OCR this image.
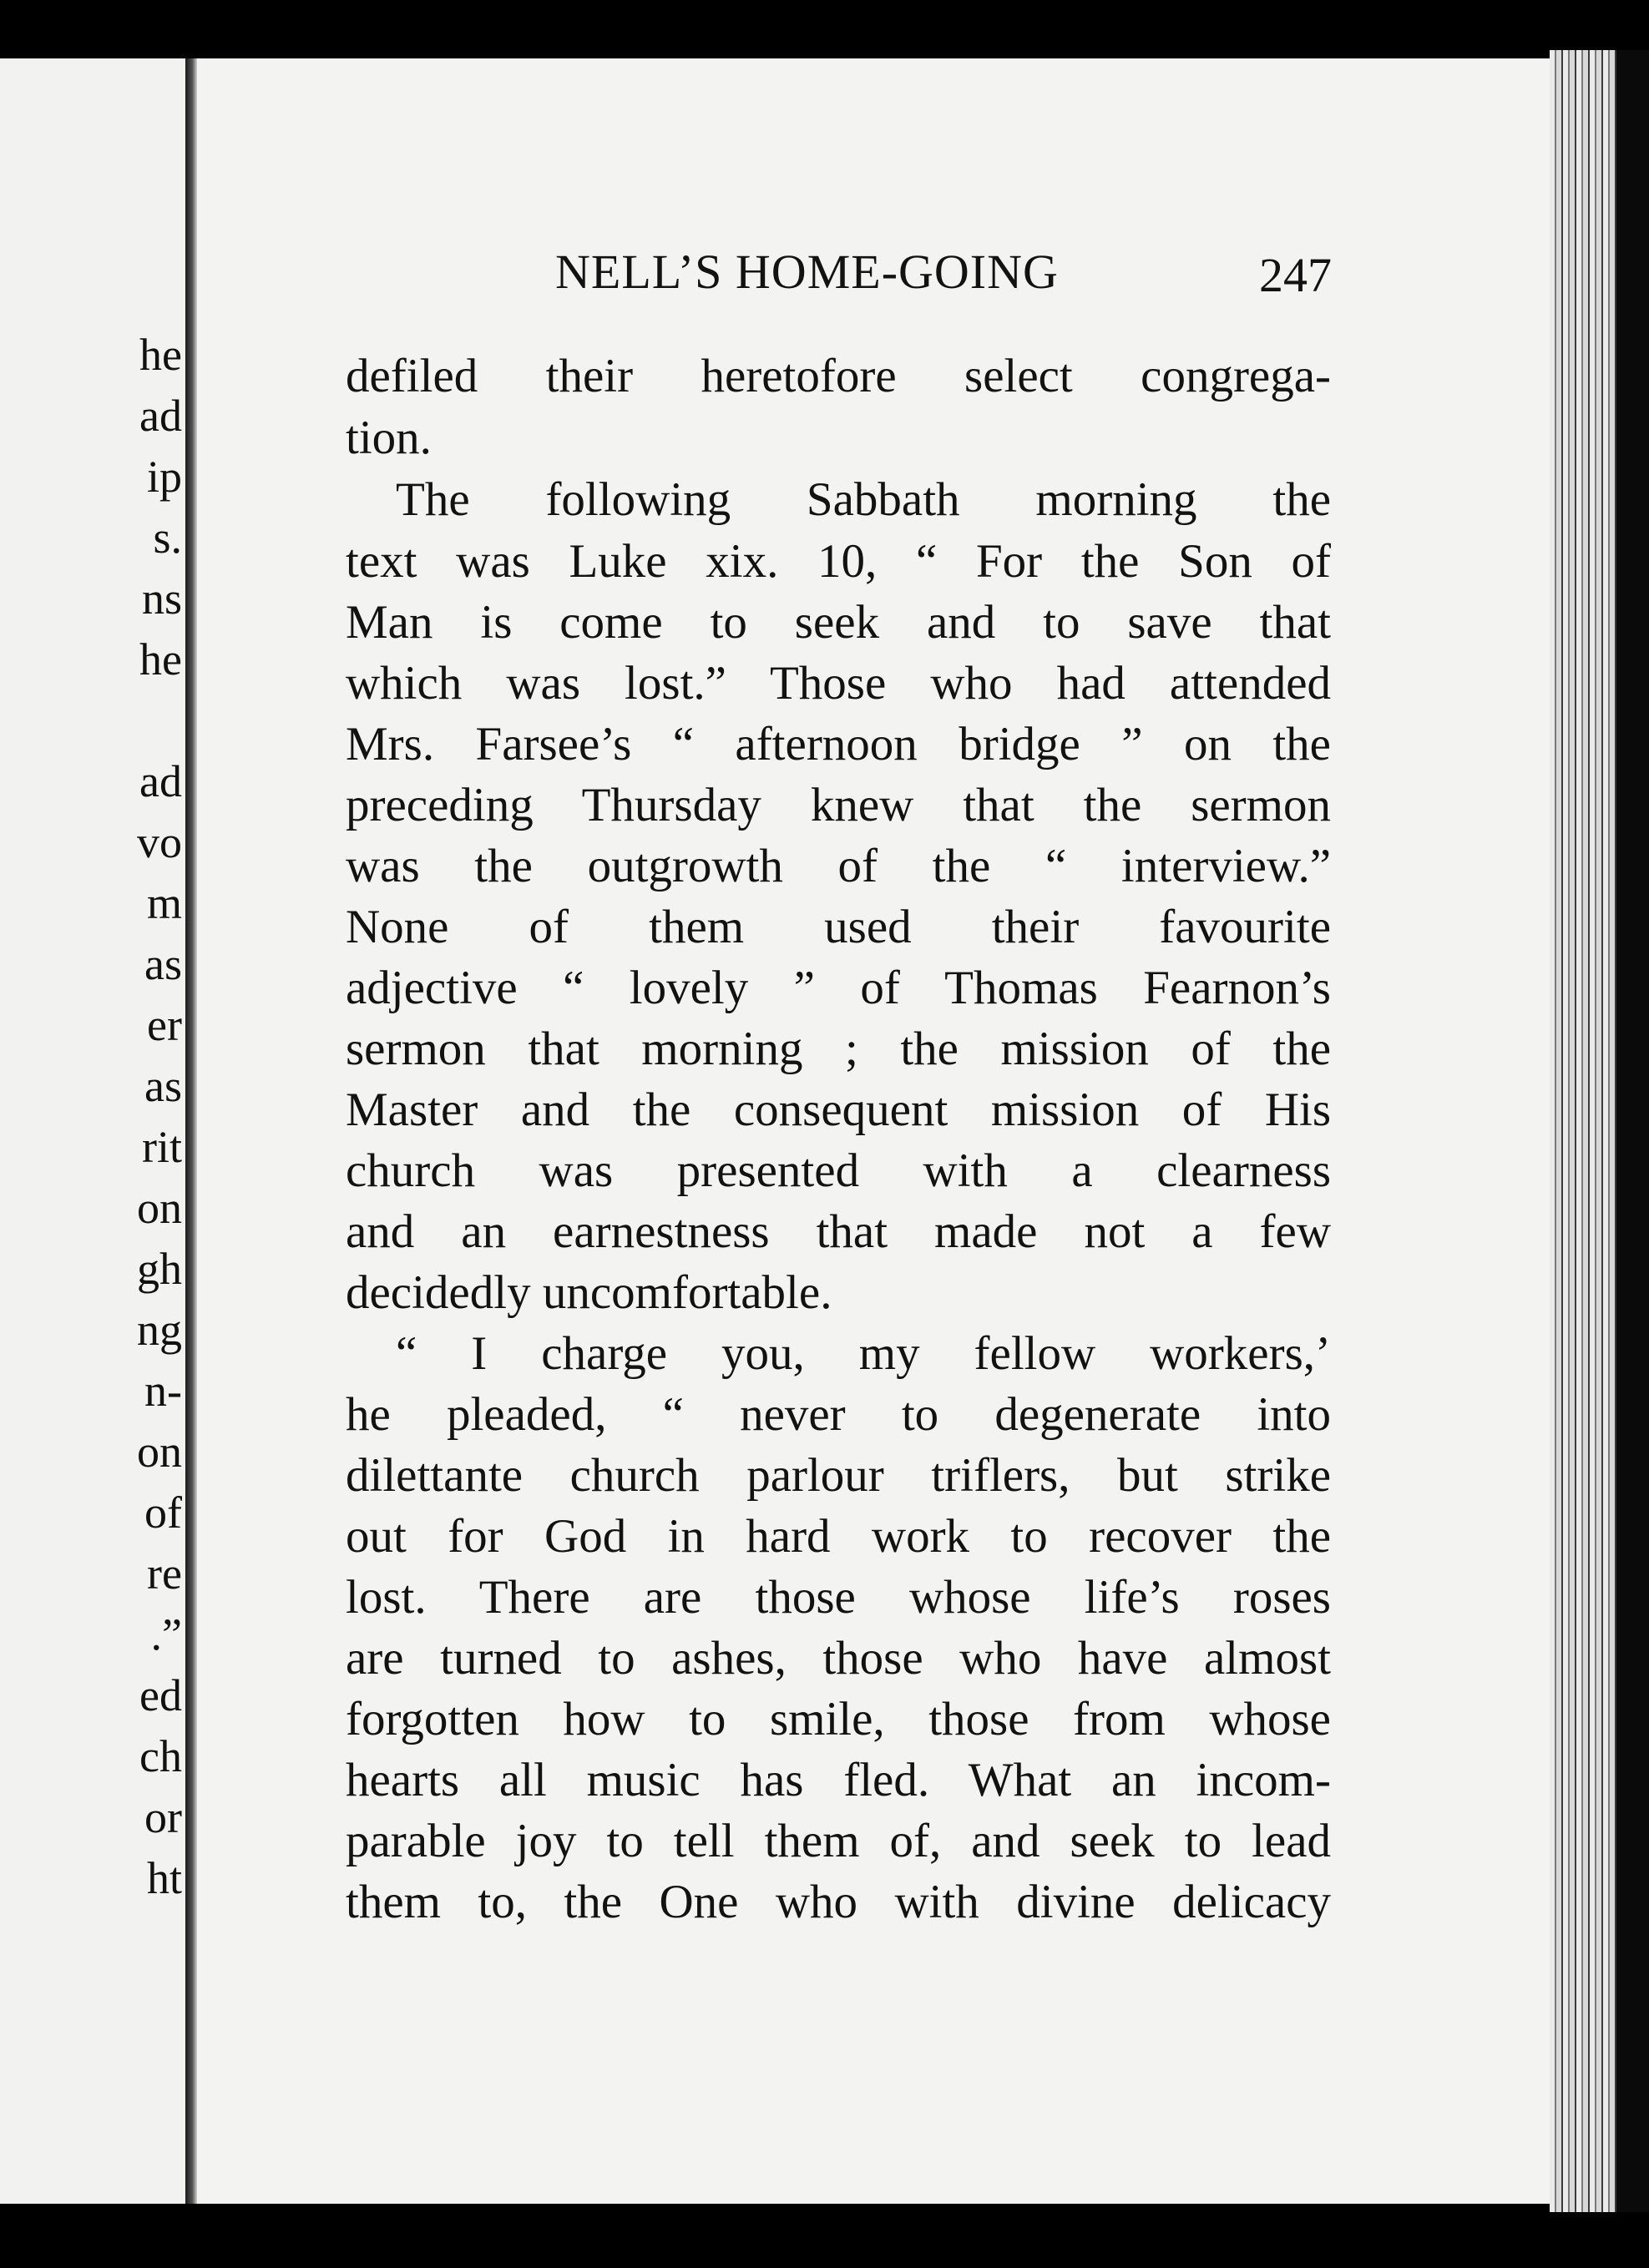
he
ad
ip
s.
ns
he
ad
vo
m
as
er
as
rit
on
gh
ng
n-
on
of
re
.”
ed
ch
or
ht
NELL’S HOME-GOING	247
defiled their heretofore select congrega-
tion.
The following Sabbath morning the
text was Luke xix. 10, “ For the Son of
Man is come to seek and to save that
which was lost.” Those who had attended
Mrs. Farsee’s “ afternoon bridge ” on the
preceding Thursday knew that the sermon
was the outgrowth of the “ interview.”
None of them used their favourite
adjective “ lovely ” of Thomas Fearnon’s
sermon that morning ; the mission of the
Master and the consequent mission of His
church was presented with a clearness
and an earnestness that made not a few
decidedly uncomfortable.
“ I charge you, my fellow workers,’
he pleaded, “ never to degenerate into
dilettante church parlour triflers, but strike
out for God in hard work to recover the
lost. There are those whose life’s roses
are turned to ashes, those who have almost
forgotten how to smile, those from whose
hearts all music has fled. What an incom-
parable joy to tell them of, and seek to lead
them to, the One who with divine delicacy
